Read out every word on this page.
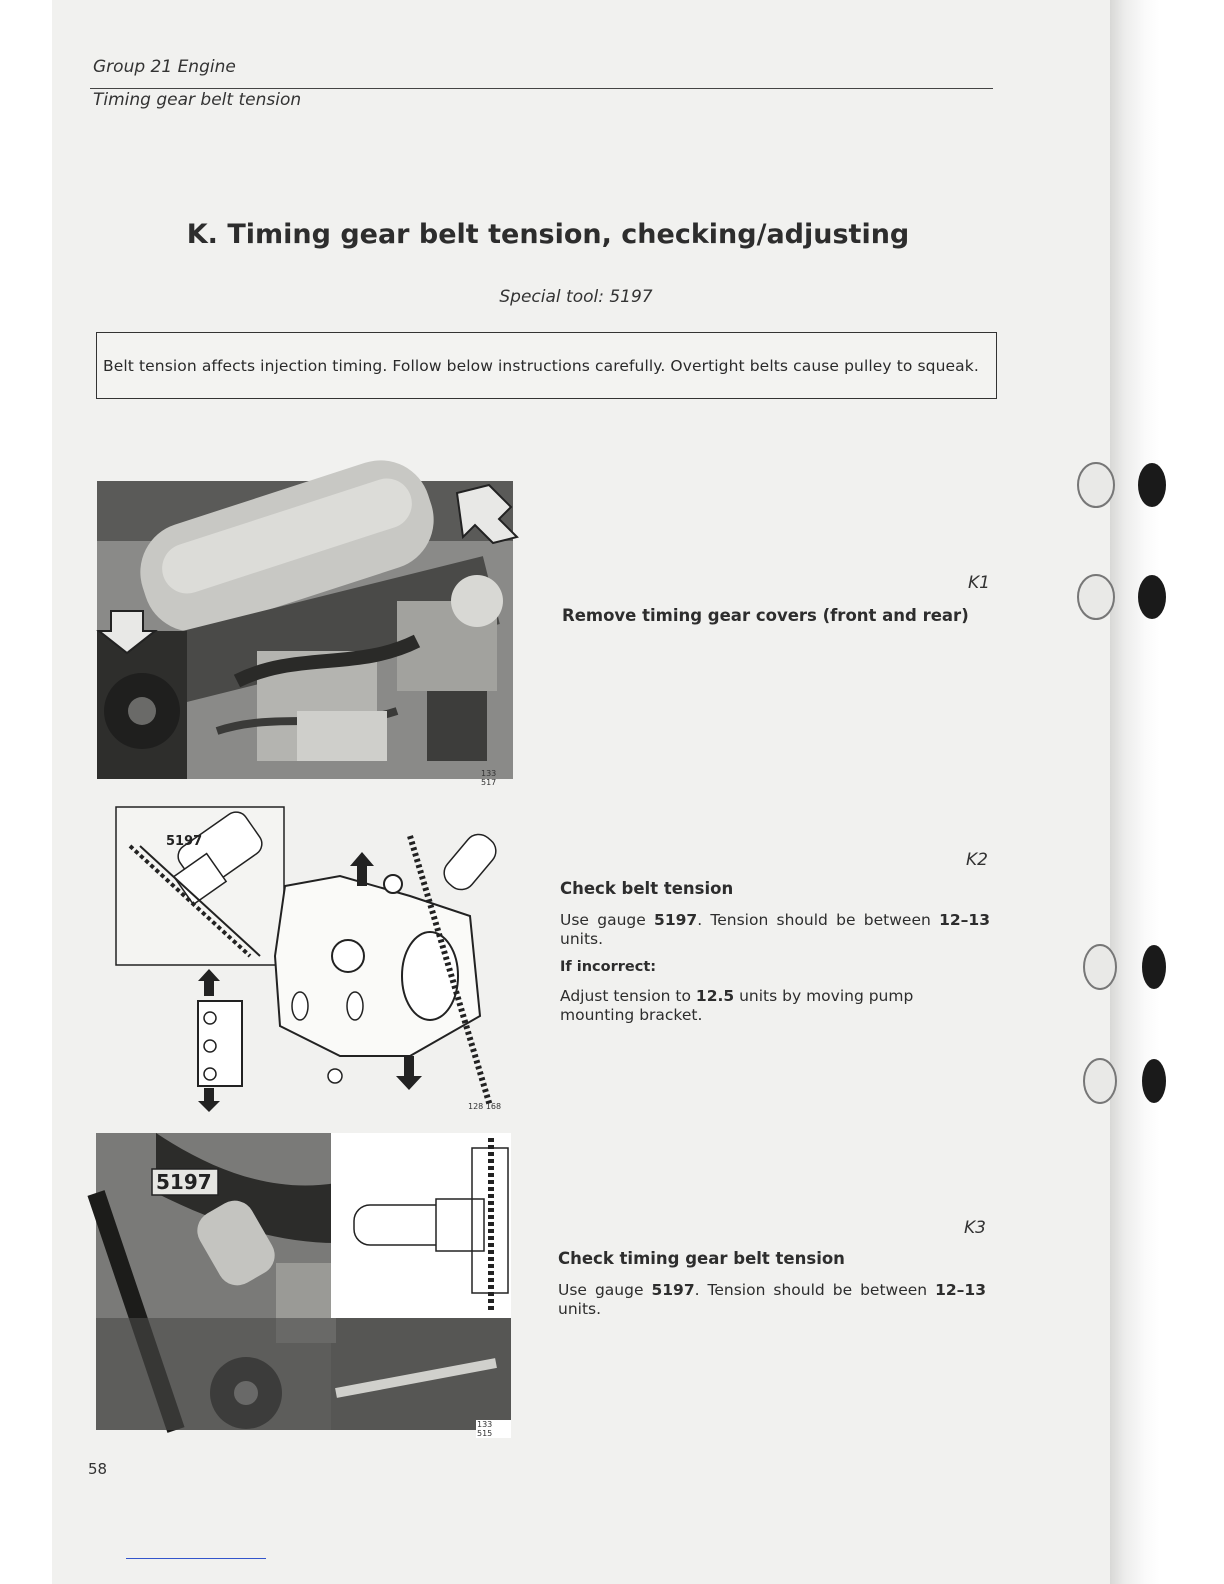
Group 21 Engine
Timing gear belt tension
K. Timing gear belt tension, checking/adjusting
Special tool: 5197
Belt tension affects injection timing. Follow below instructions carefully. Overtight belts cause pulley to squeak.
133 517
K1
Remove timing gear covers (front and rear)
5197
128 168
K2
Check belt tension
Use gauge 5197. Tension should be between 12–13 units.
If incorrect:
Adjust tension to 12.5 units by moving pump mounting bracket.
5197
133 515
K3
Check timing gear belt tension
Use gauge 5197. Tension should be between 12–13 units.
58
